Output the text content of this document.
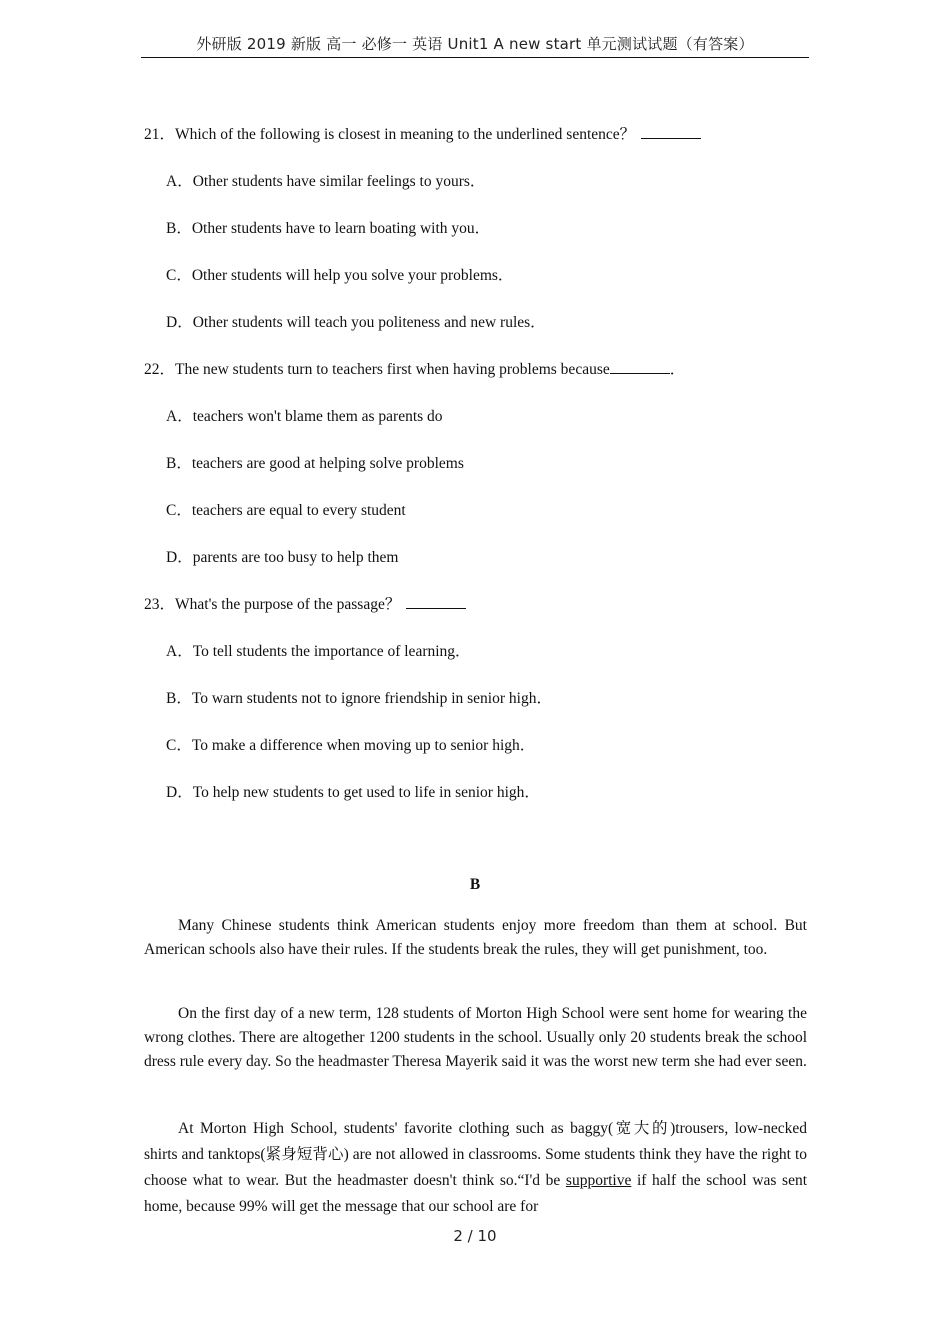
外研版 2019 新版 高一 必修一 英语 Unit1 A new start 单元测试试题（有答案）
21．Which of the following is closest in meaning to the underlined sentence？
A．Other students have similar feelings to yours．
B．Other students have to learn boating with you．
C．Other students will help you solve your problems．
D．Other students will teach you politeness and new rules．
22．The new students turn to teachers first when having problems because	．
A．teachers won't blame them as parents do
B．teachers are good at helping solve problems
C．teachers are equal to every student
D．parents are too busy to help them
23．What's the purpose of the passage？
A．To tell students the importance of learning．
B．To warn students not to ignore friendship in senior high．
C．To make a difference when moving up to senior high．
D．To help new students to get used to life in senior high．
B

Many Chinese students think American students enjoy more freedom than them at school. But American schools also have their rules. If the students break the rules, they will get punishment, too.

On the first day of a new term, 128 students of Morton High School were sent home for wearing the wrong clothes. There are altogether 1200 students in the school. Usually only 20 students break the school dress rule every day. So the headmaster Theresa Mayerik said it was the worst new term she had ever seen.

At Morton High School, students' favorite clothing such as baggy(宽大的)trousers, low-necked shirts and tanktops(紧身短背心) are not allowed in classrooms. Some students think they have the right to choose what to wear. But the headmaster doesn't think so.“I'd be supportive if half the school was sent home, because 99% will get the message that our school are for

2 / 10
